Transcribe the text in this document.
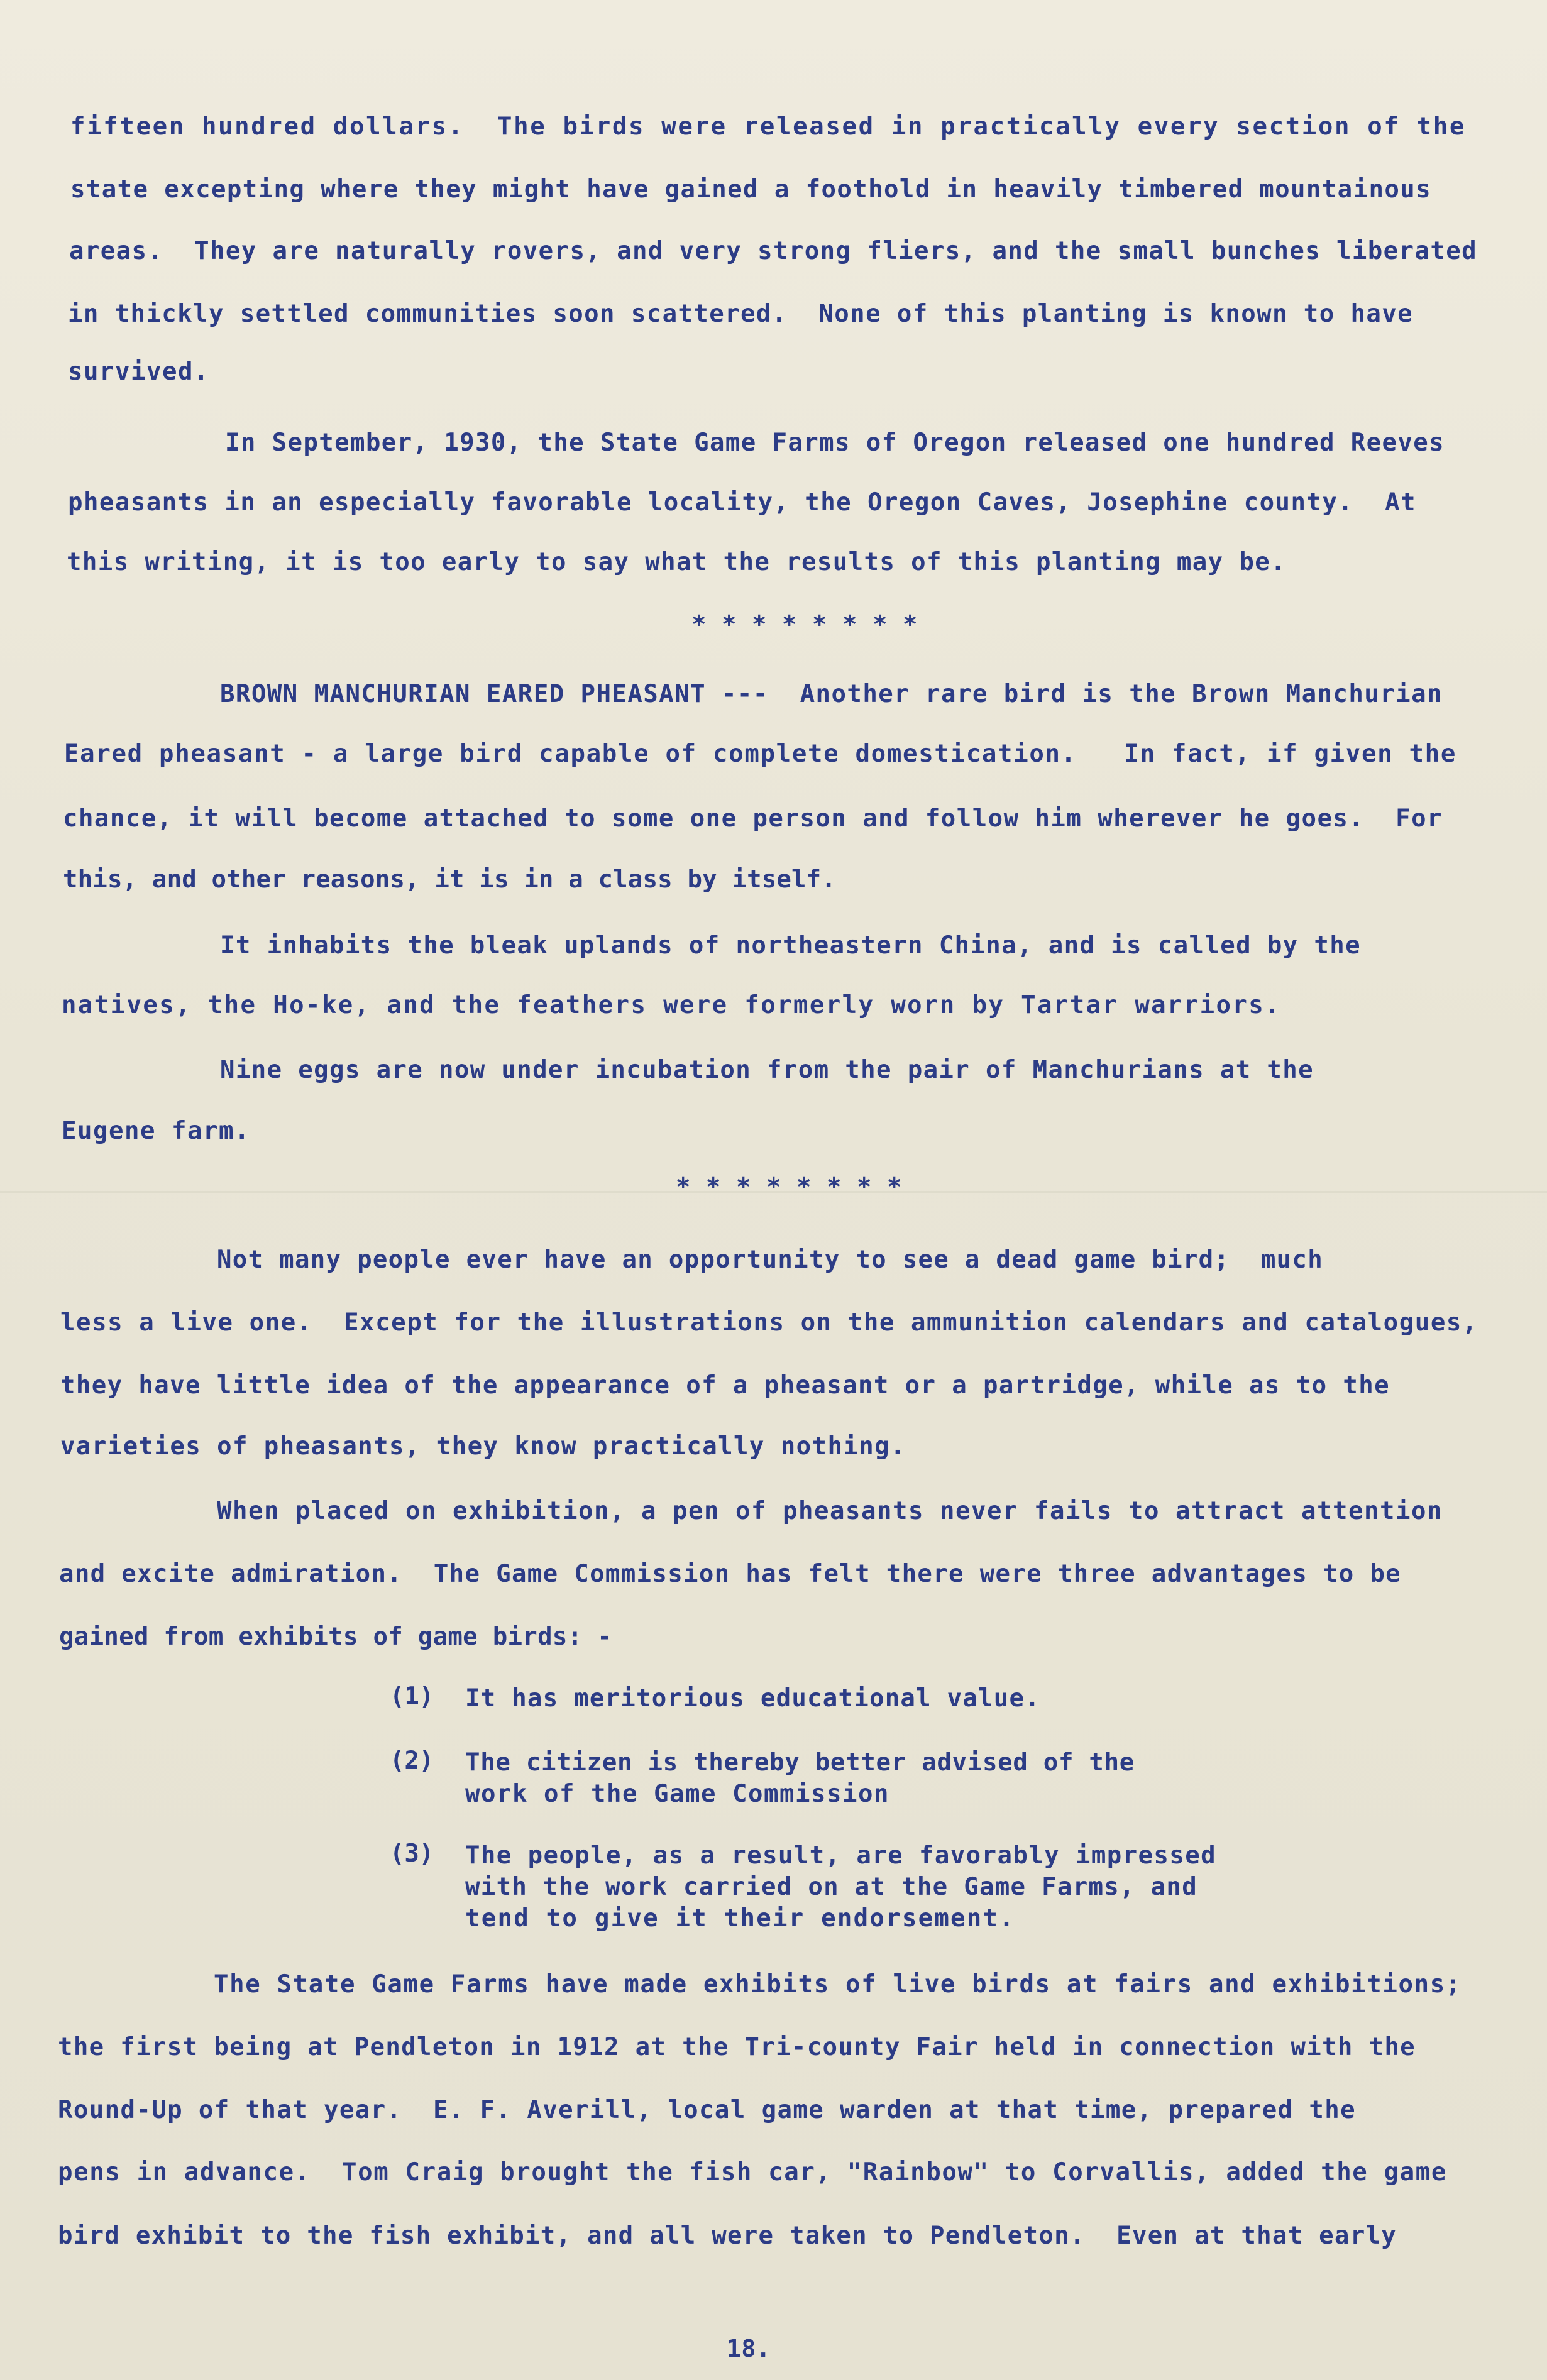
fifteen hundred dollars.  The birds were released in practically every section of the
state excepting where they might have gained a foothold in heavily timbered mountainous
areas.  They are naturally rovers, and very strong fliers, and the small bunches liberated
in thickly settled communities soon scattered.  None of this planting is known to have
survived.
In September, 1930, the State Game Farms of Oregon released one hundred Reeves
pheasants in an especially favorable locality, the Oregon Caves, Josephine county.  At
this writing, it is too early to say what the results of this planting may be.
* * * * * * * *
BROWN MANCHURIAN EARED PHEASANT ---  Another rare bird is the Brown Manchurian
Eared pheasant - a large bird capable of complete domestication.   In fact, if given the
chance, it will become attached to some one person and follow him wherever he goes.  For
this, and other reasons, it is in a class by itself.
It inhabits the bleak uplands of northeastern China, and is called by the
natives, the Ho-ke, and the feathers were formerly worn by Tartar warriors.
Nine eggs are now under incubation from the pair of Manchurians at the
Eugene farm.
* * * * * * * *
Not many people ever have an opportunity to see a dead game bird;  much
less a live one.  Except for the illustrations on the ammunition calendars and catalogues,
they have little idea of the appearance of a pheasant or a partridge, while as to the
varieties of pheasants, they know practically nothing.
When placed on exhibition, a pen of pheasants never fails to attract attention
and excite admiration.  The Game Commission has felt there were three advantages to be
gained from exhibits of game birds: -
(1) It has meritorious educational value.
(2) The citizen is thereby better advised of the
work of the Game Commission
(3) The people, as a result, are favorably impressed
with the work carried on at the Game Farms, and
tend to give it their endorsement.
The State Game Farms have made exhibits of live birds at fairs and exhibitions;
the first being at Pendleton in 1912 at the Tri-county Fair held in connection with the
Round-Up of that year.  E. F. Averill, local game warden at that time, prepared the
pens in advance.  Tom Craig brought the fish car, "Rainbow" to Corvallis, added the game
bird exhibit to the fish exhibit, and all were taken to Pendleton.  Even at that early
18.
